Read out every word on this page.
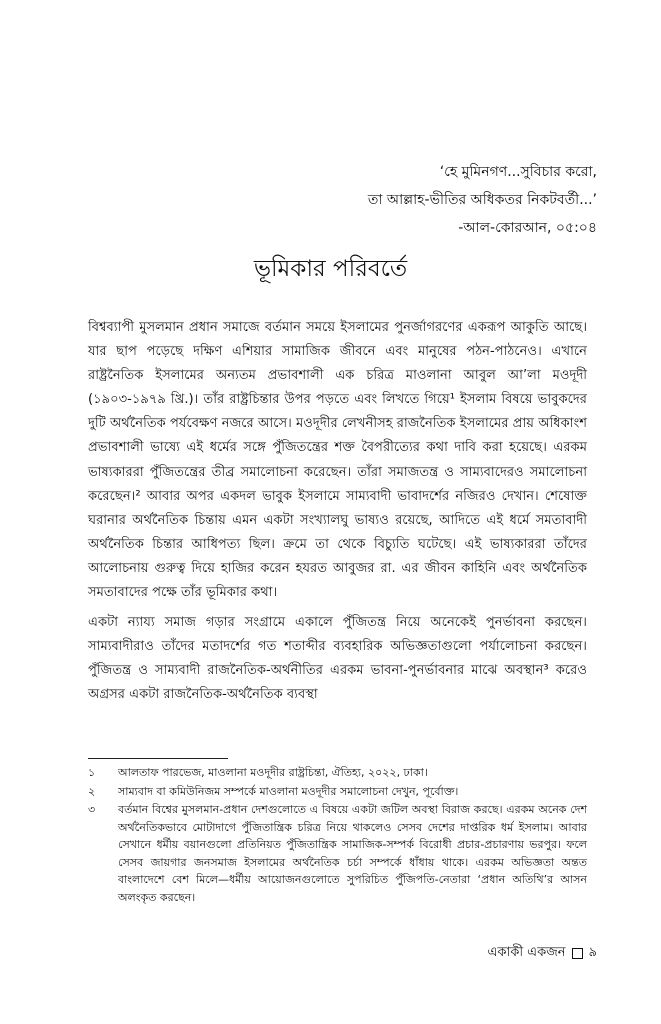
‘হে মুমিনগণ...সুবিচার করো,
তা আল্লাহ-ভীতির অধিকতর নিকটবর্তী...’
-আল-কোরআন, ০৫:০৪
ভূমিকার পরিবর্তে

বিশ্বব্যাপী মুসলমান প্রধান সমাজে বর্তমান সময়ে ইসলামের পুনর্জাগরণের একরূপ আকুতি আছে। যার ছাপ পড়েছে দক্ষিণ এশিয়ার সামাজিক জীবনে এবং মানুষের পঠন-পাঠনেও। এখানে রাষ্ট্রনৈতিক ইসলামের অন্যতম প্রভাবশালী এক চরিত্র মাওলানা আবুল আ’লা মওদূদী (১৯০৩-১৯৭৯ খ্রি.)। তাঁর রাষ্ট্রচিন্তার উপর পড়তে এবং লিখতে গিয়ে¹ ইসলাম বিষয়ে ভাবুকদের দুটি অর্থনৈতিক পর্যবেক্ষণ নজরে আসে। মওদূদীর লেখনীসহ রাজনৈতিক ইসলামের প্রায় অধিকাংশ প্রভাবশালী ভাষ্যে এই ধর্মের সঙ্গে পুঁজিতন্ত্রের শক্ত বৈপরীত্যের কথা দাবি করা হয়েছে। এরকম ভাষ্যকাররা পুঁজিতন্ত্রের তীব্র সমালোচনা করেছেন। তাঁরা সমাজতন্ত্র ও সাম্যবাদেরও সমালোচনা করেছেন।² আবার অপর একদল ভাবুক ইসলামে সাম্যবাদী ভাবাদর্শের নজিরও দেখান। শেষোক্ত ঘরানার অর্থনৈতিক চিন্তায় এমন একটা সংখ্যালঘু ভাষ্যও রয়েছে, আদিতে এই ধর্মে সমতাবাদী অর্থনৈতিক চিন্তার আধিপত্য ছিল। ক্রমে তা থেকে বিচ্যুতি ঘটেছে। এই ভাষ্যকাররা তাঁদের আলোচনায় গুরুত্ব দিয়ে হাজির করেন হযরত আবুজর রা. এর জীবন কাহিনি এবং অর্থনৈতিক সমতাবাদের পক্ষে তাঁর ভূমিকার কথা।

একটা ন্যায্য সমাজ গড়ার সংগ্রামে একালে পুঁজিতন্ত্র নিয়ে অনেকেই পুনর্ভাবনা করছেন। সাম্যবাদীরাও তাঁদের মতাদর্শের গত শতাব্দীর ব্যবহারিক অভিজ্ঞতাগুলো পর্যালোচনা করছেন। পুঁজিতন্ত্র ও সাম্যবাদী রাজনৈতিক-অর্থনীতির এরকম ভাবনা-পুনর্ভাবনার মাঝে অবস্থান³ করেও অগ্রসর একটা রাজনৈতিক-অর্থনৈতিক ব্যবস্থা

১	আলতাফ পারভেজ, মাওলানা মওদূদীর রাষ্ট্রচিন্তা, ঐতিহ্য, ২০২২, ঢাকা।
২	সাম্যবাদ বা কমিউনিজম সম্পর্কে মাওলানা মওদূদীর সমালোচনা দেখুন, পূর্বোক্ত।
৩	বর্তমান বিশ্বের মুসলমান-প্রধান দেশগুলোতে এ বিষয়ে একটা জটিল অবস্থা বিরাজ করছে। এরকম অনেক দেশ অর্থনৈতিকভাবে মোটাদাগে পুঁজিতান্ত্রিক চরিত্র নিয়ে থাকলেও সেসব দেশের দাপ্তরিক ধর্ম ইসলাম। আবার সেখানে ধর্মীয় বয়ানগুলো প্রতিনিয়ত পুঁজিতান্ত্রিক সামাজিক-সম্পর্ক বিরোধী প্রচার-প্রচারণায় ভরপুর। ফলে সেসব জায়গার জনসমাজ ইসলামের অর্থনৈতিক চর্চা সম্পর্কে ধাঁধায় থাকে। এরকম অভিজ্ঞতা অন্তত বাংলাদেশে বেশ মিলে—ধর্মীয় আয়োজনগুলোতে সুপরিচিত পুঁজিপতি-নেতারা ‘প্রধান অতিথি’র আসন অলংকৃত করছেন।
একাকী একজন ৯
